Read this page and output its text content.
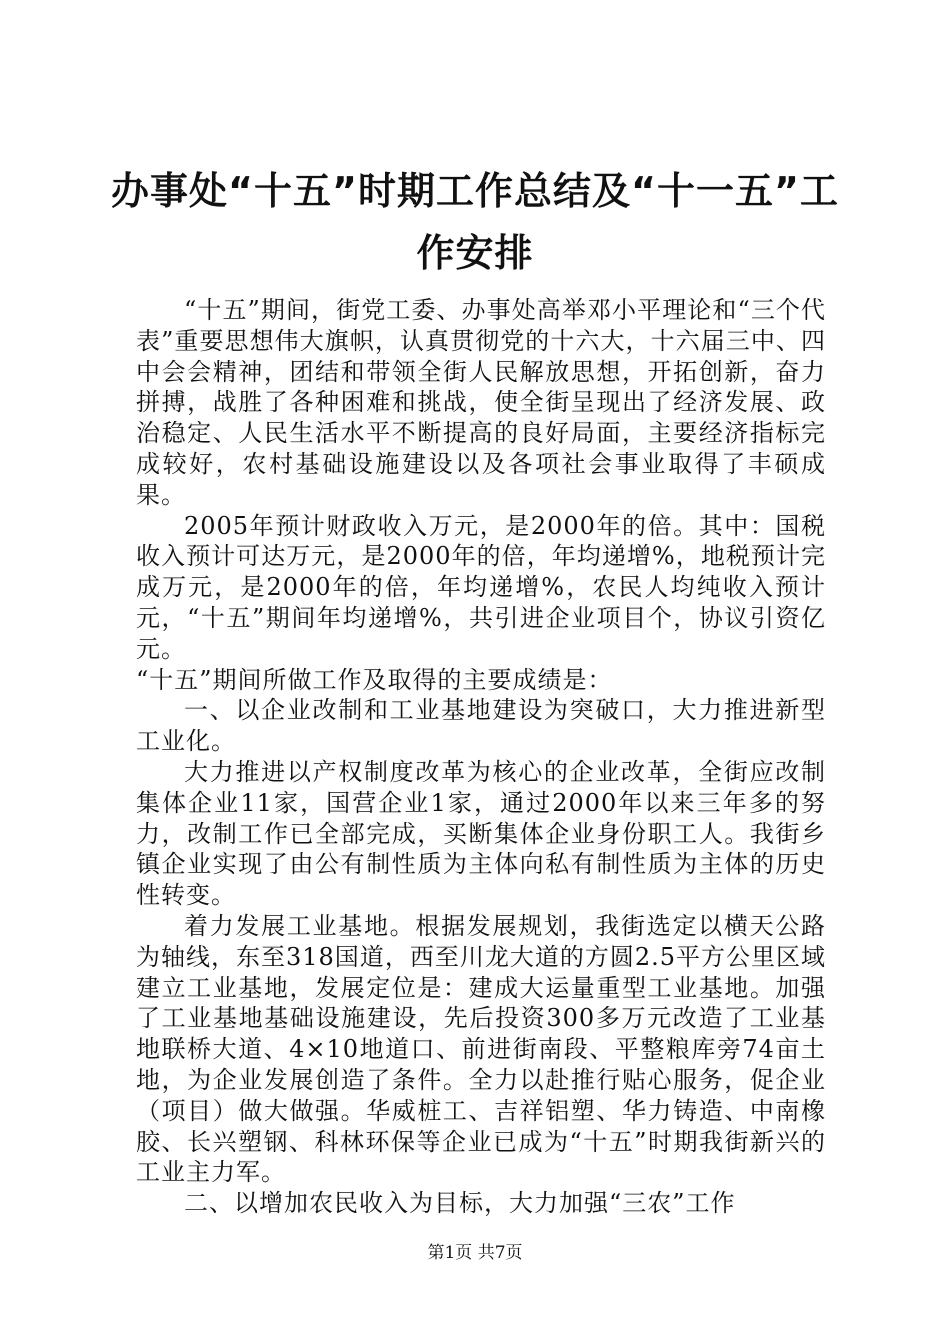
办事处“十五”时期工作总结及“十一五”工作安排

“十五”期间，街党工委、办事处高举邓小平理论和“三个代表”重要思想伟大旗帜，认真贯彻党的十六大，十六届三中、四中会会精神，团结和带领全街人民解放思想，开拓创新，奋力拼搏，战胜了各种困难和挑战，使全街呈现出了经济发展、政治稳定、人民生活水平不断提高的良好局面，主要经济指标完成较好，农村基础设施建设以及各项社会事业取得了丰硕成果。

2005年预计财政收入万元，是2000年的倍。其中：国税收入预计可达万元，是2000年的倍，年均递增%，地税预计完成万元，是2000年的倍，年均递增%，农民人均纯收入预计元，“十五”期间年均递增%，共引进企业项目个，协议引资亿元。

“十五”期间所做工作及取得的主要成绩是：

一、以企业改制和工业基地建设为突破口，大力推进新型工业化。

大力推进以产权制度改革为核心的企业改革，全街应改制集体企业11家，国营企业1家，通过2000年以来三年多的努力，改制工作已全部完成，买断集体企业身份职工人。我街乡镇企业实现了由公有制性质为主体向私有制性质为主体的历史性转变。

着力发展工业基地。根据发展规划，我街选定以横天公路为轴线，东至318国道，西至川龙大道的方圆2.5平方公里区域建立工业基地，发展定位是：建成大运量重型工业基地。加强了工业基地基础设施建设，先后投资300多万元改造了工业基地联桥大道、4×10地道口、前进街南段、平整粮库旁74亩土地，为企业发展创造了条件。全力以赴推行贴心服务，促企业（项目）做大做强。华威桩工、吉祥铝塑、华力铸造、中南橡胶、长兴塑钢、科林环保等企业已成为“十五”时期我街新兴的工业主力军。

二、以增加农民收入为目标，大力加强“三农”工作

第1页 共7页
